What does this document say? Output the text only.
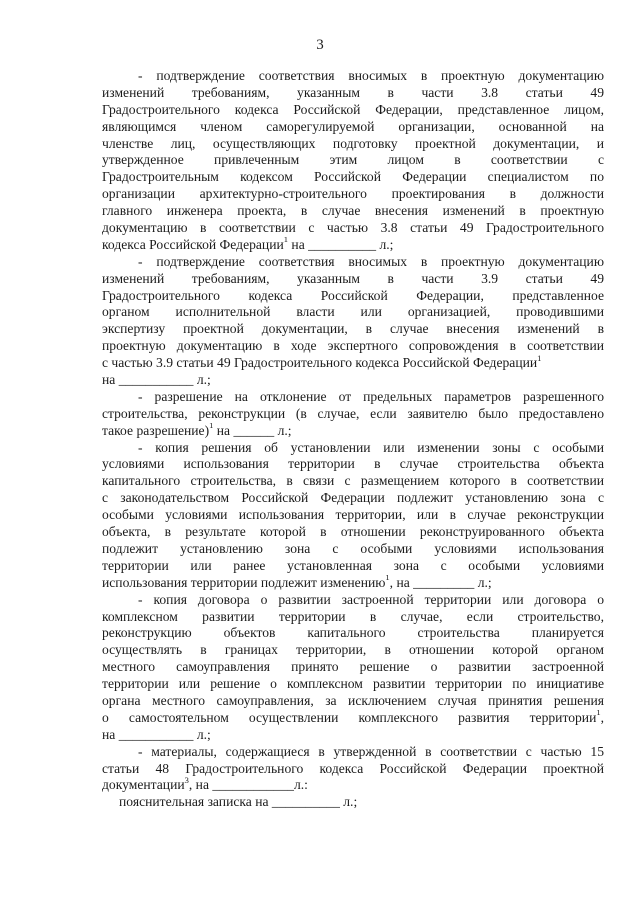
3
- подтверждение соответствия вносимых в проектную документацию
изменений требованиям, указанным в части 3.8 статьи 49
Градостроительного кодекса Российской Федерации, представленное лицом,
являющимся членом саморегулируемой организации, основанной на
членстве лиц, осуществляющих подготовку проектной документации, и
утвержденное привлеченным этим лицом в соответствии с
Градостроительным кодексом Российской Федерации специалистом по
организации архитектурно-строительного проектирования в должности
главного инженера проекта, в случае внесения изменений в проектную
документацию в соответствии с частью 3.8 статьи 49 Градостроительного
кодекса Российской Федерации$^1$ на __________ л.;
- подтверждение соответствия вносимых в проектную документацию
изменений требованиям, указанным в части 3.9 статьи 49
Градостроительного кодекса Российской Федерации, представленное
органом исполнительной власти или организацией, проводившими
экспертизу проектной документации, в случае внесения изменений в
проектную документацию в ходе экспертного сопровождения в соответствии
с частью 3.9 статьи 49 Градостроительного кодекса Российской Федерации$^1$
на ___________ л.;
- разрешение на отклонение от предельных параметров разрешенного
строительства, реконструкции (в случае, если заявителю было предоставлено
такое разрешение)$^1$ на ______ л.;
- копия решения об установлении или изменении зоны с особыми
условиями использования территории в случае строительства объекта
капитального строительства, в связи с размещением которого в соответствии
с законодательством Российской Федерации подлежит установлению зона с
особыми условиями использования территории, или в случае реконструкции
объекта, в результате которой в отношении реконструированного объекта
подлежит установлению зона с особыми условиями использования
территории или ранее установленная зона с особыми условиями
использования территории подлежит изменению$^1$, на _________ л.;
- копия договора о развитии застроенной территории или договора о
комплексном развитии территории в случае, если строительство,
реконструкцию объектов капитального строительства планируется
осуществлять в границах территории, в отношении которой органом
местного самоуправления принято решение о развитии застроенной
территории или решение о комплексном развитии территории по инициативе
органа местного самоуправления, за исключением случая принятия решения
о самостоятельном осуществлении комплексного развития территории$^1$,
на ___________ л.;
- материалы, содержащиеся в утвержденной в соответствии с частью 15
статьи 48 Градостроительного кодекса Российской Федерации проектной
документации$^3$, на ____________л.:
пояснительная записка на __________ л.;
